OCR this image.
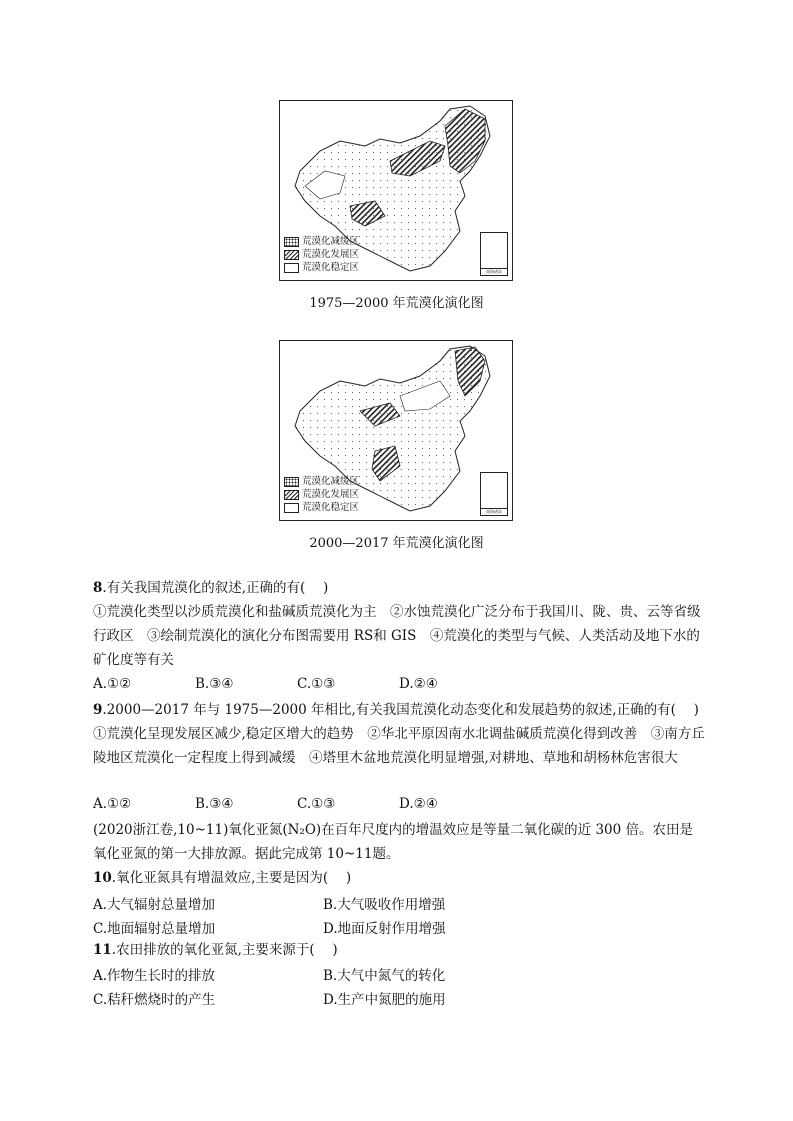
荒漠化减缓区
荒漠化发展区
荒漠化稳定区	南海诸岛
1975—2000 年荒漠化演化图
荒漠化减缓区
荒漠化发展区
荒漠化稳定区	南海诸岛
2000—2017 年荒漠化演化图
8.有关我国荒漠化的叙述,正确的有(　 )
①荒漠化类型以沙质荒漠化和盐碱质荒漠化为主　②水蚀荒漠化广泛分布于我国川、陇、贵、云等省级行政区　③绘制荒漠化的演化分布图需要用 RS和 GIS　④荒漠化的类型与气候、人类活动及地下水的矿化度等有关
A.①②	B.③④	C.①③	D.②④
9.2000—2017 年与 1975—2000 年相比,有关我国荒漠化动态变化和发展趋势的叙述,正确的有(　 )
①荒漠化呈现发展区减少,稳定区增大的趋势　②华北平原因南水北调盐碱质荒漠化得到改善　③南方丘陵地区荒漠化一定程度上得到减缓　④塔里木盆地荒漠化明显增强,对耕地、草地和胡杨林危害很大
A.①②	B.③④	C.①③	D.②④
(2020浙江卷,10~11)氧化亚氮(N₂O)在百年尺度内的增温效应是等量二氧化碳的近 300 倍。农田是氧化亚氮的第一大排放源。据此完成第 10~11题。
10.氧化亚氮具有增温效应,主要是因为(　 )
A.大气辐射总量增加	B.大气吸收作用增强
C.地面辐射总量增加	D.地面反射作用增强
11.农田排放的氧化亚氮,主要来源于(　 )
A.作物生长时的排放	B.大气中氮气的转化
C.秸秆燃烧时的产生	D.生产中氮肥的施用
